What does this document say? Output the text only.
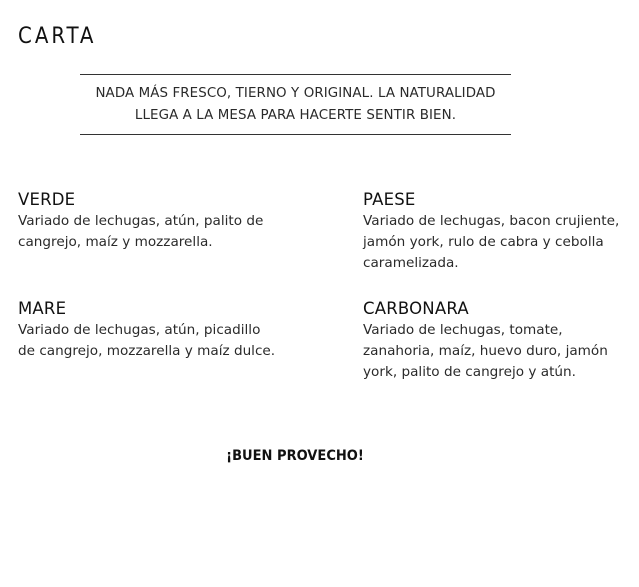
CARTA
NADA MÁS FRESCO, TIERNO Y ORIGINAL. LA NATURALIDAD
LLEGA A LA MESA PARA HACERTE SENTIR BIEN.
VERDE

Variado de lechugas, atún, palito de
cangrejo, maíz y mozzarella.

PAESE

Variado de lechugas, bacon crujiente,
jamón york, rulo de cabra y cebolla
caramelizada.

MARE

Variado de lechugas, atún, picadillo
de cangrejo, mozzarella y maíz dulce.

CARBONARA

Variado de lechugas, tomate,
zanahoria, maíz, huevo duro, jamón
york, palito de cangrejo y atún.

¡BUEN PROVECHO!
